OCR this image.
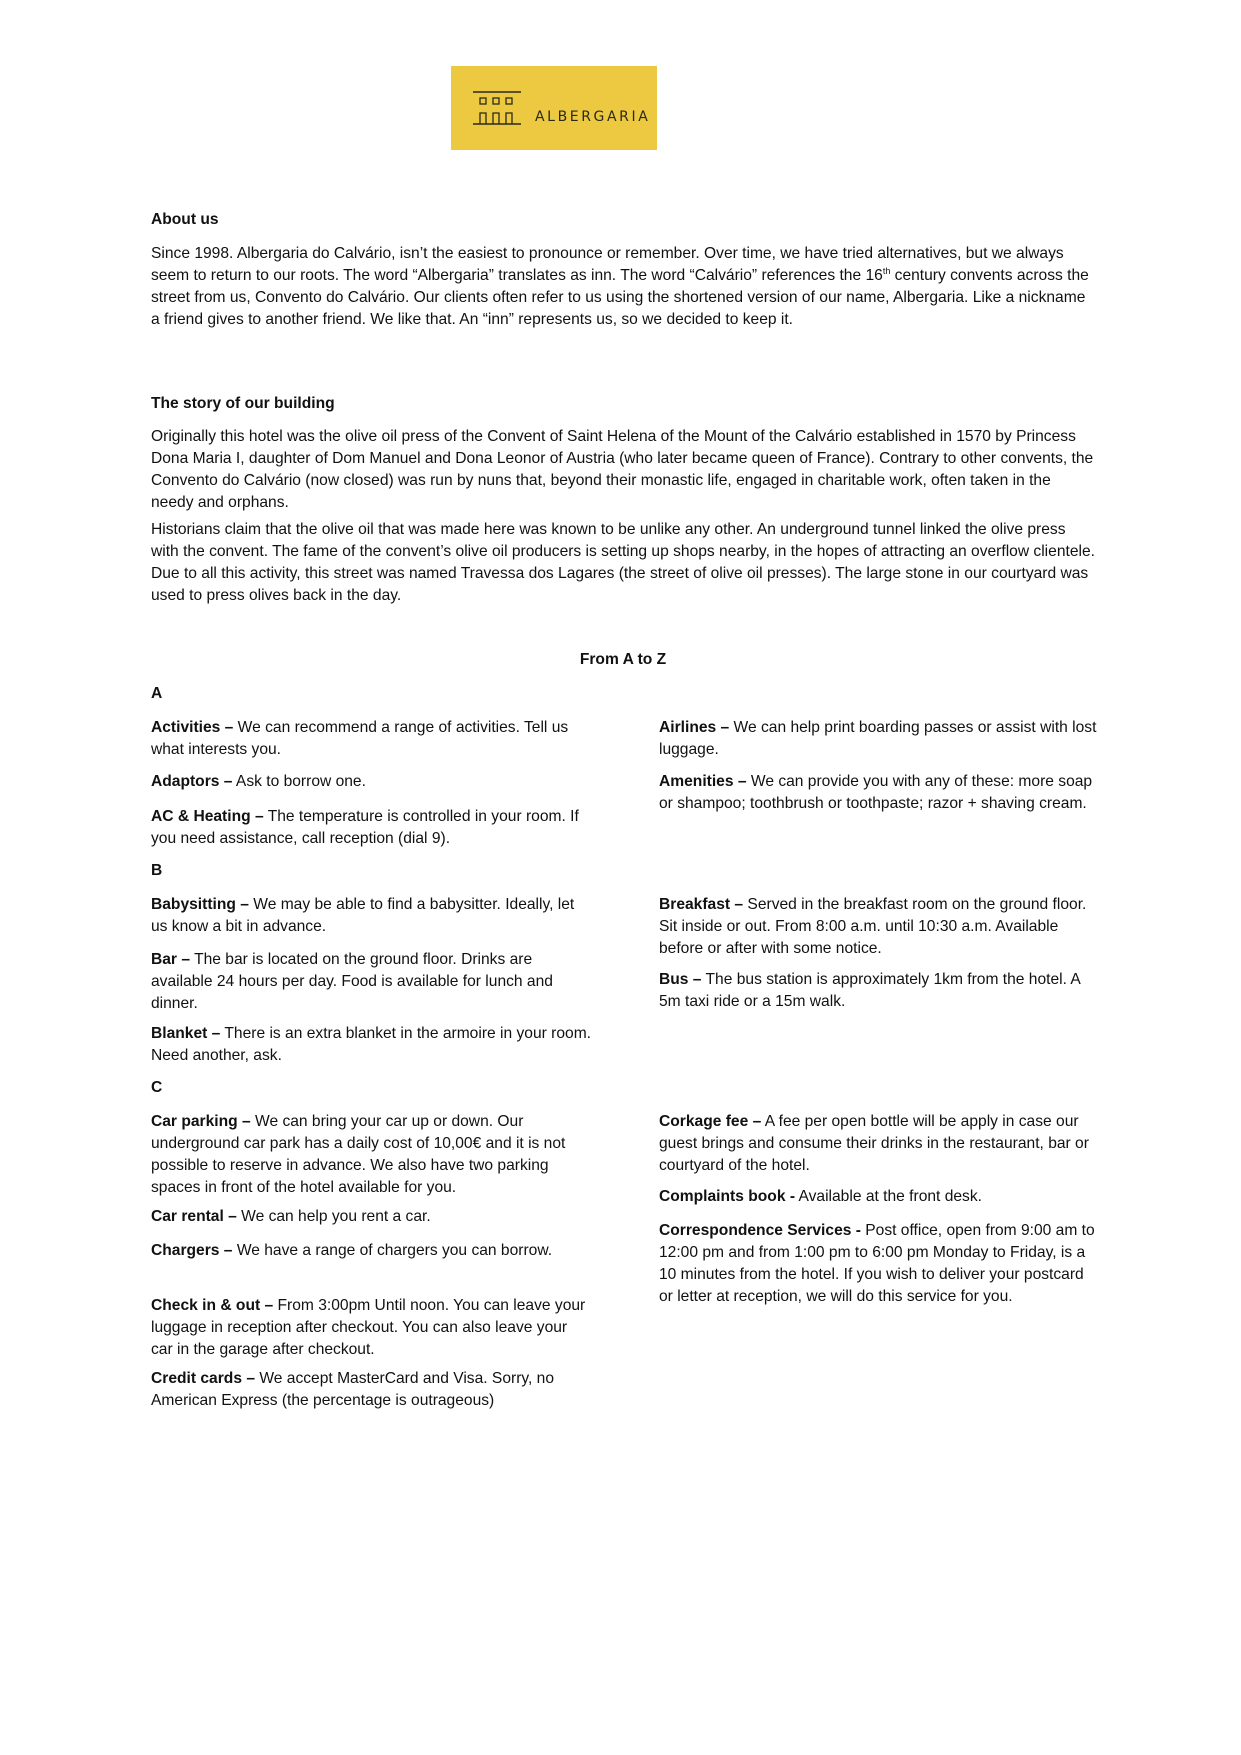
ALBERGARIA
About us

Since 1998. Albergaria do Calvário, isn’t the easiest to pronounce or remember. Over time, we have tried alternatives, but we always seem to return to our roots. The word “Albergaria” translates as inn. The word “Calvário” references the 16th century convents across the street from us, Convento do Calvário. Our clients often refer to us using the shortened version of our name, Albergaria. Like a nickname a friend gives to another friend. We like that. An “inn” represents us, so we decided to keep it.

The story of our building

Originally this hotel was the olive oil press of the Convent of Saint Helena of the Mount of the Calvário established in 1570 by Princess Dona Maria I, daughter of Dom Manuel and Dona Leonor of Austria (who later became queen of France). Contrary to other convents, the Convento do Calvário (now closed) was run by nuns that, beyond their monastic life, engaged in charitable work, often taken in the needy and orphans.

Historians claim that the olive oil that was made here was known to be unlike any other. An underground tunnel linked the olive press with the convent. The fame of the convent’s olive oil producers is setting up shops nearby, in the hopes of attracting an overflow clientele. Due to all this activity, this street was named Travessa dos Lagares (the street of olive oil presses). The large stone in our courtyard was used to press olives back in the day.

From A to Z
A

Activities – We can recommend a range of activities. Tell us what interests you.

Adaptors – Ask to borrow one.

AC & Heating – The temperature is controlled in your room. If you need assistance, call reception (dial 9).

Airlines – We can help print boarding passes or assist with lost luggage.

Amenities – We can provide you with any of these: more soap or shampoo; toothbrush or toothpaste; razor + shaving cream.

B

Babysitting – We may be able to find a babysitter. Ideally, let us know a bit in advance.

Bar – The bar is located on the ground floor. Drinks are available 24 hours per day. Food is available for lunch and dinner.

Blanket – There is an extra blanket in the armoire in your room. Need another, ask.

Breakfast – Served in the breakfast room on the ground floor. Sit inside or out. From 8:00 a.m. until 10:30 a.m. Available before or after with some notice.

Bus – The bus station is approximately 1km from the hotel. A 5m taxi ride or a 15m walk.

C

Car parking – We can bring your car up or down. Our underground car park has a daily cost of 10,00€ and it is not possible to reserve in advance. We also have two parking spaces in front of the hotel available for you.

Car rental – We can help you rent a car.

Chargers – We have a range of chargers you can borrow.

Check in & out – From 3:00pm Until noon. You can leave your luggage in reception after checkout. You can also leave your car in the garage after checkout.

Credit cards – We accept MasterCard and Visa. Sorry, no American Express (the percentage is outrageous)

Corkage fee – A fee per open bottle will be apply in case our guest brings and consume their drinks in the restaurant, bar or courtyard of the hotel.

Complaints book - Available at the front desk.

Correspondence Services - Post office, open from 9:00 am to 12:00 pm and from 1:00 pm to 6:00 pm Monday to Friday, is a 10 minutes from the hotel. If you wish to deliver your postcard or letter at reception, we will do this service for you.
